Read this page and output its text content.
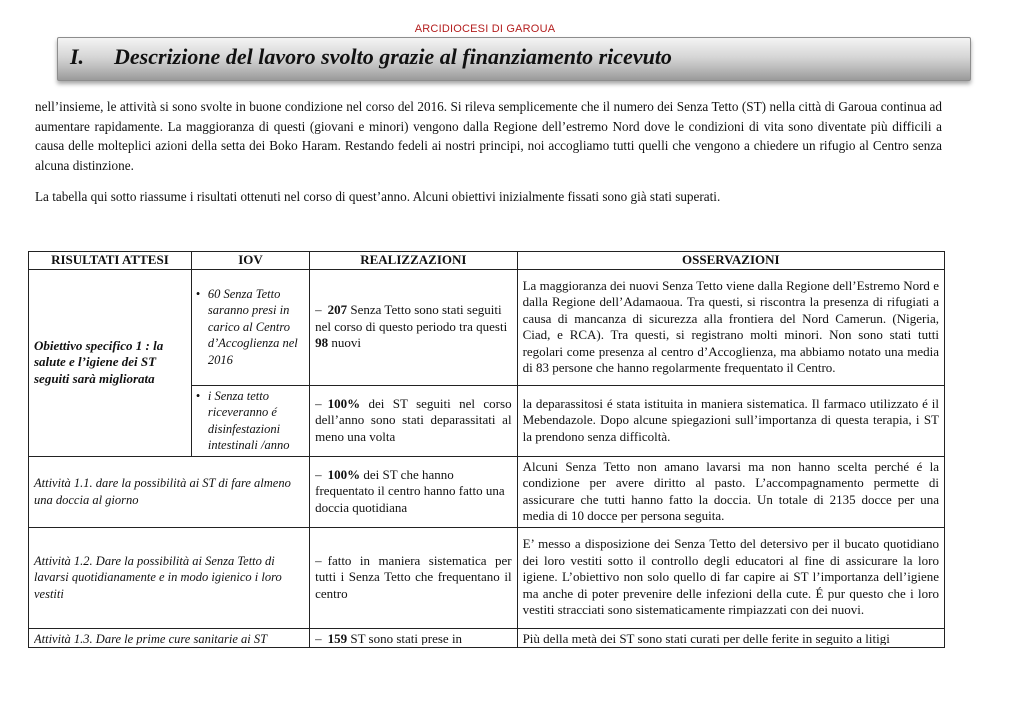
ARCIDIOCESI DI GAROUA
I. Descrizione del lavoro svolto grazie al finanziamento ricevuto
nell’insieme, le attività si sono svolte in buone condizione nel corso del 2016. Si rileva semplicemente che il numero dei Senza Tetto (ST) nella città di Garoua continua ad aumentare rapidamente. La maggioranza di questi (giovani e minori) vengono dalla Regione dell’estremo Nord dove le condizioni di vita sono diventate più difficili a causa delle molteplici azioni della setta dei Boko Haram. Restando fedeli ai nostri principi, noi accogliamo tutti quelli che vengono a chiedere un rifugio al Centro senza alcuna distinzione.
La tabella qui sotto riassume i risultati ottenuti nel corso di quest’anno. Alcuni obiettivi inizialmente fissati sono già stati superati.
RISULTATI ATTESI	IOV	REALIZZAZIONI	OSSERVAZIONI
Obiettivo specifico 1 : la salute e l’igiene dei ST seguiti sarà migliorata	• 60 Senza Tetto saranno presi in carico al Centro d’Accoglienza nel 2016	– 207 Senza Tetto sono stati seguiti nel corso di questo periodo tra questi 98 nuovi	La maggioranza dei nuovi Senza Tetto viene dalla Regione dell’Estremo Nord e dalla Regione dell’Adamaoua. Tra questi, si riscontra la presenza di rifugiati a causa di mancanza di sicurezza alla frontiera del Nord Camerun. (Nigeria, Ciad, e RCA). Tra questi, si registrano molti minori. Non sono stati tutti regolari come presenza al centro d’Accoglienza, ma abbiamo notato una media di 83 persone che hanno regolarmente frequentato il Centro.
	• i Senza tetto riceveranno é disinfestazioni intestinali /anno	– 100% dei ST seguiti nel corso dell’anno sono stati deparassitati al meno una volta	la deparassitosi é stata istituita in maniera sistematica. Il farmaco utilizzato é il Mebendazole. Dopo alcune spiegazioni sull’importanza di questa terapia, i ST la prendono senza difficoltà.
Attività 1.1. dare la possibilità ai ST di fare almeno una doccia al giorno		– 100% dei ST che hanno frequentato il centro hanno fatto una doccia quotidiana	Alcuni Senza Tetto non amano lavarsi ma non hanno scelta perché é la condizione per avere diritto al pasto. L’accompagnamento permette di assicurare che tutti hanno fatto la doccia. Un totale di 2135 docce per una media di 10 docce per persona seguita.
Attività 1.2. Dare la possibilità ai Senza Tetto di lavarsi quotidianamente e in modo igienico i loro vestiti		– fatto in maniera sistematica per tutti i Senza Tetto che frequentano il centro	E’ messo a disposizione dei Senza Tetto del detersivo per il bucato quotidiano dei loro vestiti sotto il controllo degli educatori al fine di assicurare la loro igiene. L’obiettivo non solo quello di far capire ai ST l’importanza dell’igiene ma anche di poter prevenire delle infezioni della cute. É pur questo che i loro vestiti stracciati sono sistematicamente rimpiazzati con dei nuovi.

Attività 1.3. Dare le prime cure sanitarie ai ST		– 159 ST sono stati prese in	Più della metà dei ST sono stati curati per delle ferite in seguito a litigi
